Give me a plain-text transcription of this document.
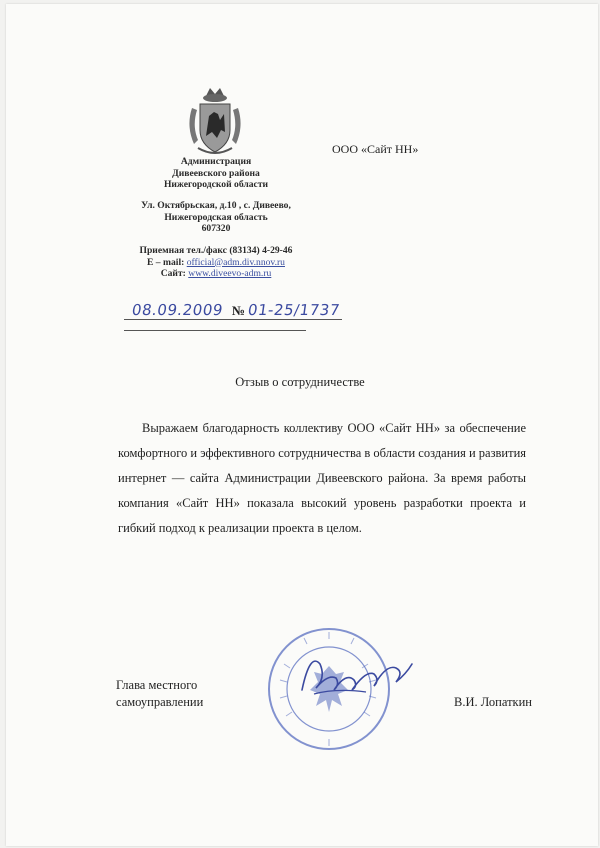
Администрация
Дивеевского района
Нижегородской области
Ул. Октябрьская, д.10 , с. Дивеево,
Нижегородская область
607320
Приемная тел./факс (83134) 4-29-46
E – mail: official@adm.div.nnov.ru
Сайт: www.diveevo-adm.ru
ООО «Сайт НН»
08.09.2009 № 01-25/1737
Отзыв о сотрудничестве
Выражаем благодарность коллективу ООО «Сайт НН» за обеспечение комфортного и эффективного сотрудничества в области создания и развития интернет — сайта Администрации Дивеевского района. За время работы компания «Сайт НН» показала высокий уровень разработки проекта и гибкий подход к реализации проекта в целом.
Глава местного
самоуправлении	В.И. Лопаткин
